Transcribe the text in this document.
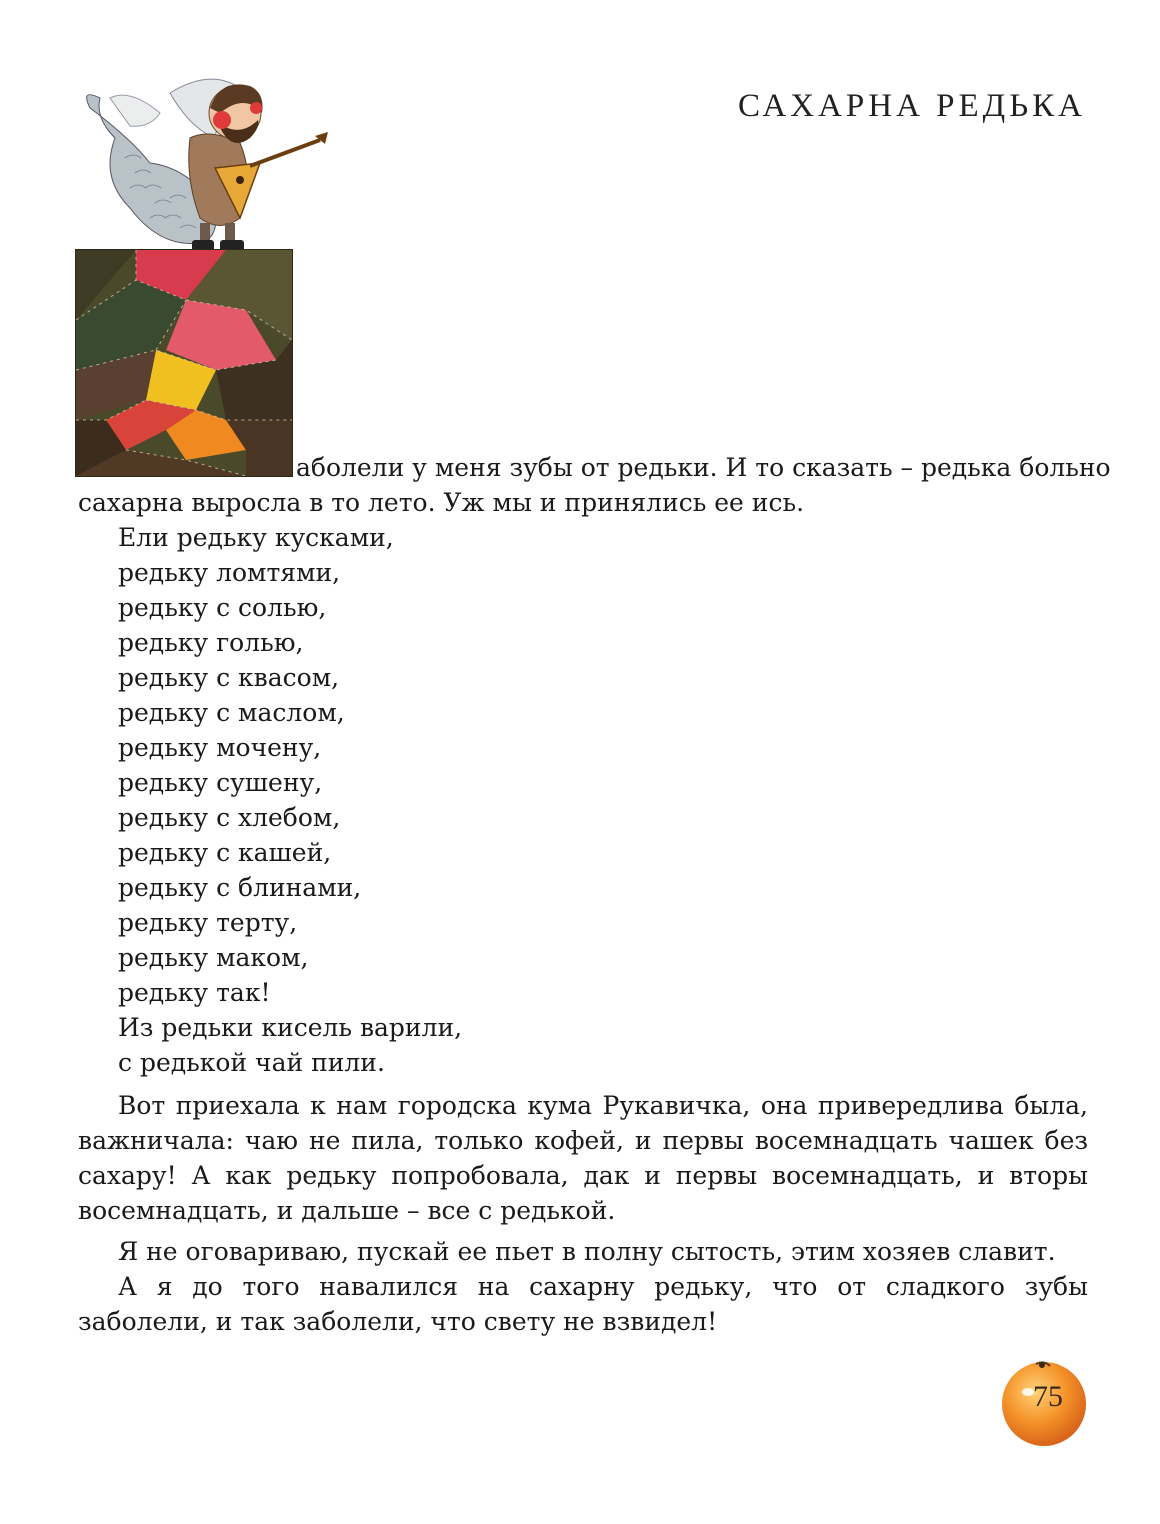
САХАРНА РЕДЬКА
аболели у меня зубы от редьки. И то сказать – редька больно
сахарна выросла в то лето. Уж мы и принялись ее ись.
Ели редьку кусками,
редьку ломтями,
редьку с солью,
редьку голью,
редьку с квасом,
редьку с маслом,
редьку мочену,
редьку сушену,
редьку с хлебом,
редьку с кашей,
редьку с блинами,
редьку терту,
редьку маком,
редьку так!
Из редьки кисель варили,
с редькой чай пили.

Вот приехала к нам городска кума Рукавичка, она привередлива была, важничала: чаю не пила, только кофей, и первы восемнадцать чашек без сахару! А как редьку попробовала, дак и первы восемнадцать, и вторы восемнадцать, и дальше – все с редькой.

Я не оговариваю, пускай ее пьет в полну сытость, этим хозяев славит.

А я до того навалился на сахарну редьку, что от сладкого зубы заболели, и так заболели, что свету не взвидел!

75
